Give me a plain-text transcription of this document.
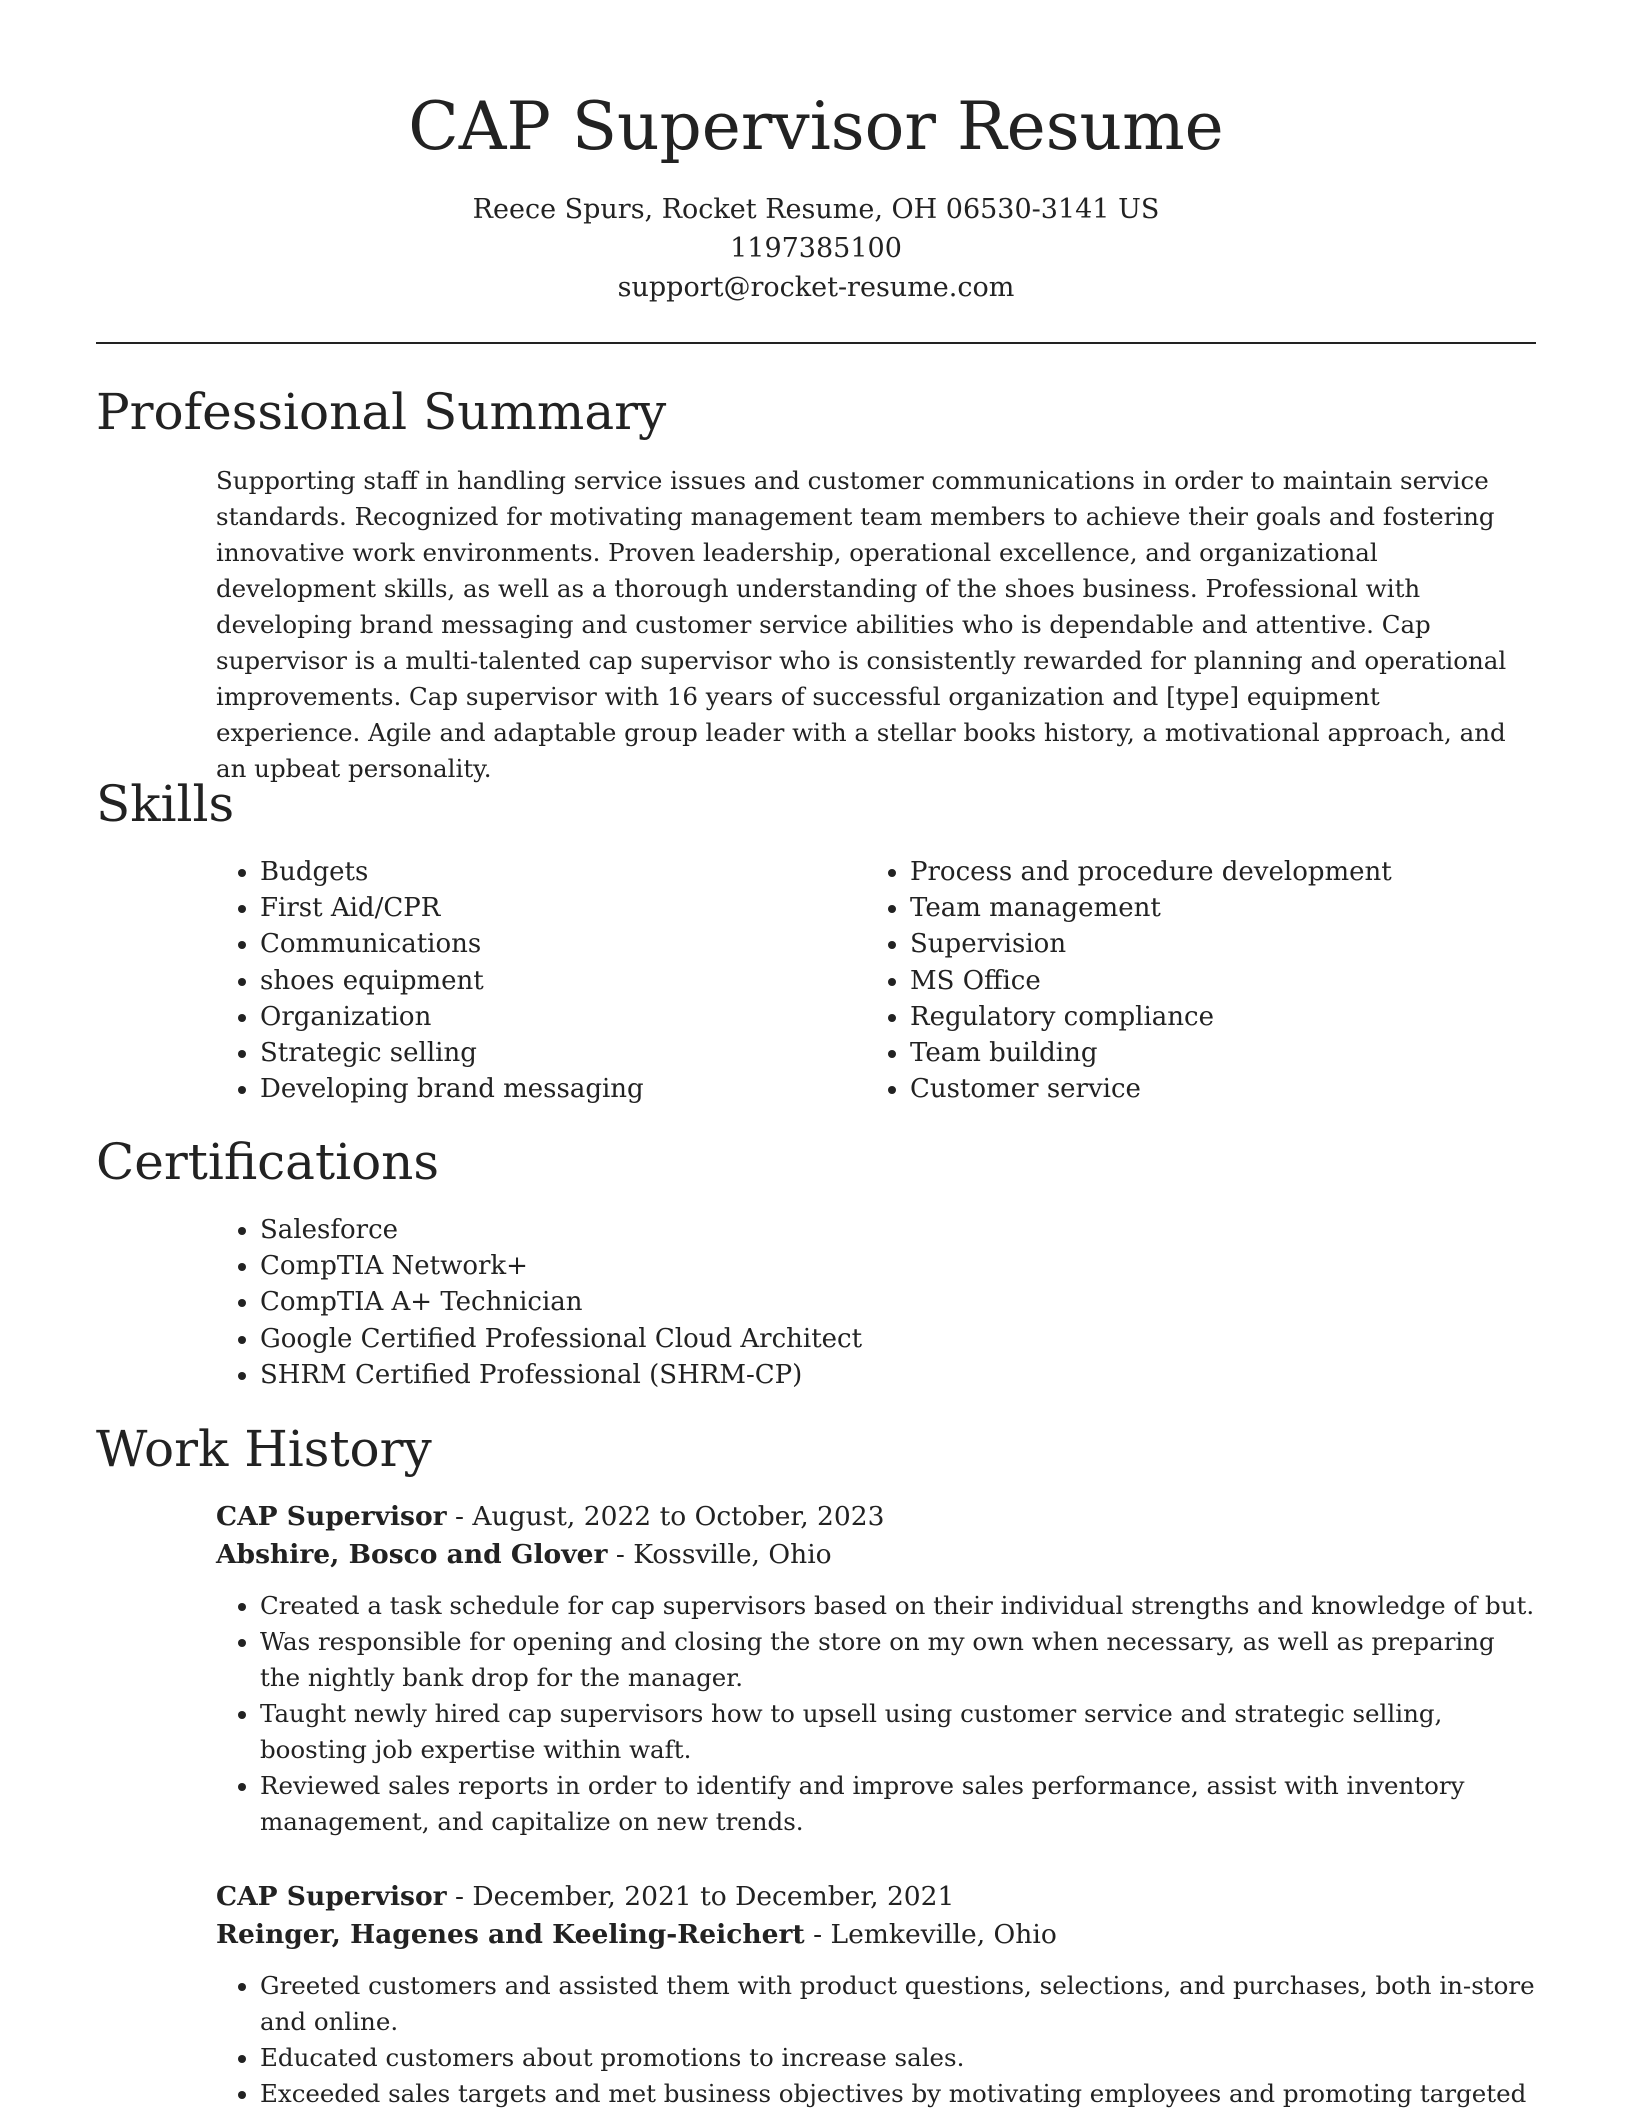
CAP Supervisor Resume
Reece Spurs, Rocket Resume, OH 06530-3141 US
1197385100
support@rocket-resume.com
Professional Summary

Supporting staff in handling service issues and customer communications in order to maintain service standards. Recognized for motivating management team members to achieve their goals and fostering innovative work environments. Proven leadership, operational excellence, and organizational development skills, as well as a thorough understanding of the shoes business. Professional with developing brand messaging and customer service abilities who is dependable and attentive. Cap supervisor is a multi-talented cap supervisor who is consistently rewarded for planning and operational improvements. Cap supervisor with 16 years of successful organization and [type] equipment experience. Agile and adaptable group leader with a stellar books history, a motivational approach, and an upbeat personality.

Skills
• Budgets
• First Aid/CPR
• Communications
• shoes equipment
• Organization
• Strategic selling
• Developing brand messaging
• Process and procedure development
• Team management
• Supervision
• MS Office
• Regulatory compliance
• Team building
• Customer service
Certifications
• Salesforce
• CompTIA Network+
• CompTIA A+ Technician
• Google Certified Professional Cloud Architect
• SHRM Certified Professional (SHRM-CP)
Work History
CAP Supervisor - August, 2022 to October, 2023
Abshire, Bosco and Glover - Kossville, Ohio
• Created a task schedule for cap supervisors based on their individual strengths and knowledge of but.
• Was responsible for opening and closing the store on my own when necessary, as well as preparing the nightly bank drop for the manager.
• Taught newly hired cap supervisors how to upsell using customer service and strategic selling, boosting job expertise within waft.
• Reviewed sales reports in order to identify and improve sales performance, assist with inventory management, and capitalize on new trends.
CAP Supervisor - December, 2021 to December, 2021
Reinger, Hagenes and Keeling-Reichert - Lemkeville, Ohio
• Greeted customers and assisted them with product questions, selections, and purchases, both in-store and online.
• Educated customers about promotions to increase sales.
• Exceeded sales targets and met business objectives by motivating employees and promoting targeted
